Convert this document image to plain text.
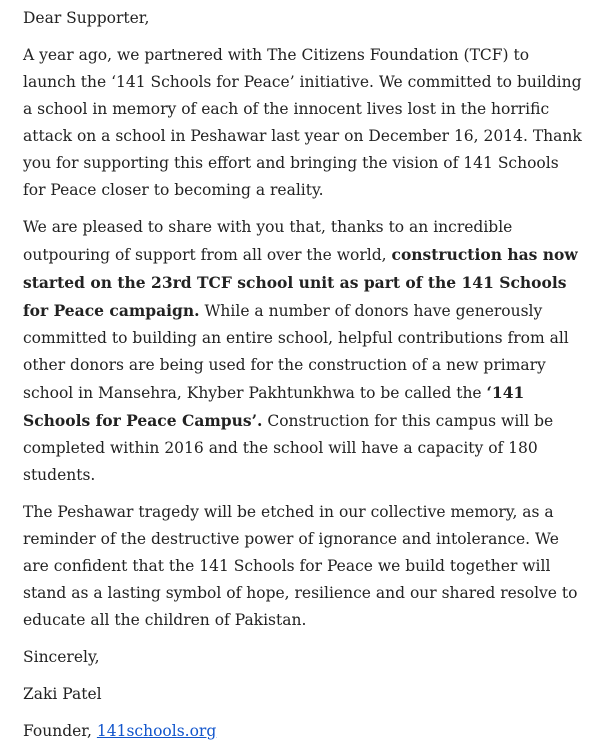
Dear Supporter,

A year ago, we partnered with The Citizens Foundation (TCF) to launch the ‘141 Schools for Peace’ initiative. We committed to building a school in memory of each of the innocent lives lost in the horrific attack on a school in Peshawar last year on December 16, 2014. Thank you for supporting this effort and bringing the vision of 141 Schools for Peace closer to becoming a reality.

We are pleased to share with you that, thanks to an incredible outpouring of support from all over the world, construction has now started on the 23rd TCF school unit as part of the 141 Schools for Peace campaign. While a number of donors have generously committed to building an entire school, helpful contributions from all other donors are being used for the construction of a new primary school in Mansehra, Khyber Pakhtunkhwa to be called the ‘141 Schools for Peace Campus’. Construction for this campus will be completed within 2016 and the school will have a capacity of 180 students.

The Peshawar tragedy will be etched in our collective memory, as a reminder of the destructive power of ignorance and intolerance. We are confident that the 141 Schools for Peace we build together will stand as a lasting symbol of hope, resilience and our shared resolve to educate all the children of Pakistan.

Sincerely,

Zaki Patel

Founder, 141schools.org
